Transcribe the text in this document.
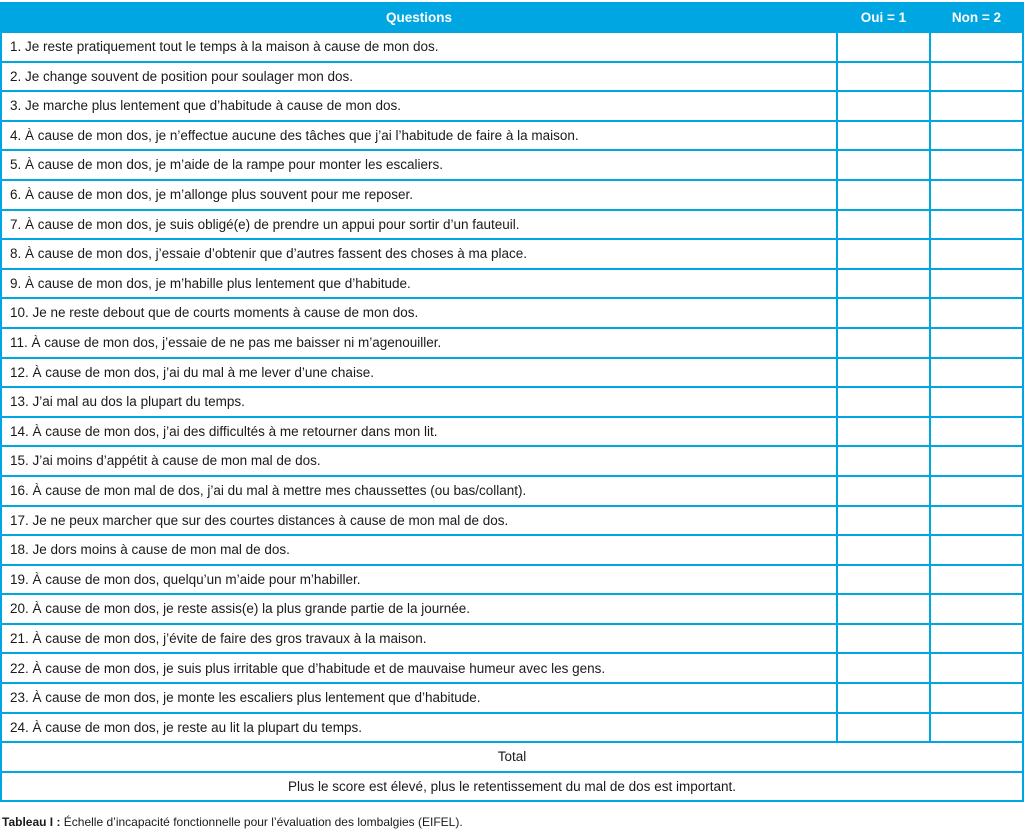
Questions	Oui = 1	Non = 2
1. Je reste pratiquement tout le temps à la maison à cause de mon dos.		
2. Je change souvent de position pour soulager mon dos.		
3. Je marche plus lentement que d’habitude à cause de mon dos.		
4. À cause de mon dos, je n’effectue aucune des tâches que j’ai l’habitude de faire à la maison.		
5. À cause de mon dos, je m’aide de la rampe pour monter les escaliers.		
6. À cause de mon dos, je m’allonge plus souvent pour me reposer.		
7. À cause de mon dos, je suis obligé(e) de prendre un appui pour sortir d’un fauteuil.		
8. À cause de mon dos, j’essaie d’obtenir que d’autres fassent des choses à ma place.		
9. À cause de mon dos, je m’habille plus lentement que d’habitude.		
10. Je ne reste debout que de courts moments à cause de mon dos.		
11. À cause de mon dos, j’essaie de ne pas me baisser ni m’agenouiller.		
12. À cause de mon dos, j’ai du mal à me lever d’une chaise.		
13. J’ai mal au dos la plupart du temps.		
14. À cause de mon dos, j’ai des difficultés à me retourner dans mon lit.		
15. J’ai moins d’appétit à cause de mon mal de dos.		
16. À cause de mon mal de dos, j’ai du mal à mettre mes chaussettes (ou bas/collant).		
17. Je ne peux marcher que sur des courtes distances à cause de mon mal de dos.		
18. Je dors moins à cause de mon mal de dos.		
19. À cause de mon dos, quelqu’un m’aide pour m’habiller.		
20. À cause de mon dos, je reste assis(e) la plus grande partie de la journée.		
21. À cause de mon dos, j’évite de faire des gros travaux à la maison.		
22. À cause de mon dos, je suis plus irritable que d’habitude et de mauvaise humeur avec les gens.		
23. À cause de mon dos, je monte les escaliers plus lentement que d’habitude.		
24. À cause de mon dos, je reste au lit la plupart du temps.		
Total		
Plus le score est élevé, plus le retentissement du mal de dos est important.		
Tableau I : Échelle d’incapacité fonctionnelle pour l’évaluation des lombalgies (EIFEL).
